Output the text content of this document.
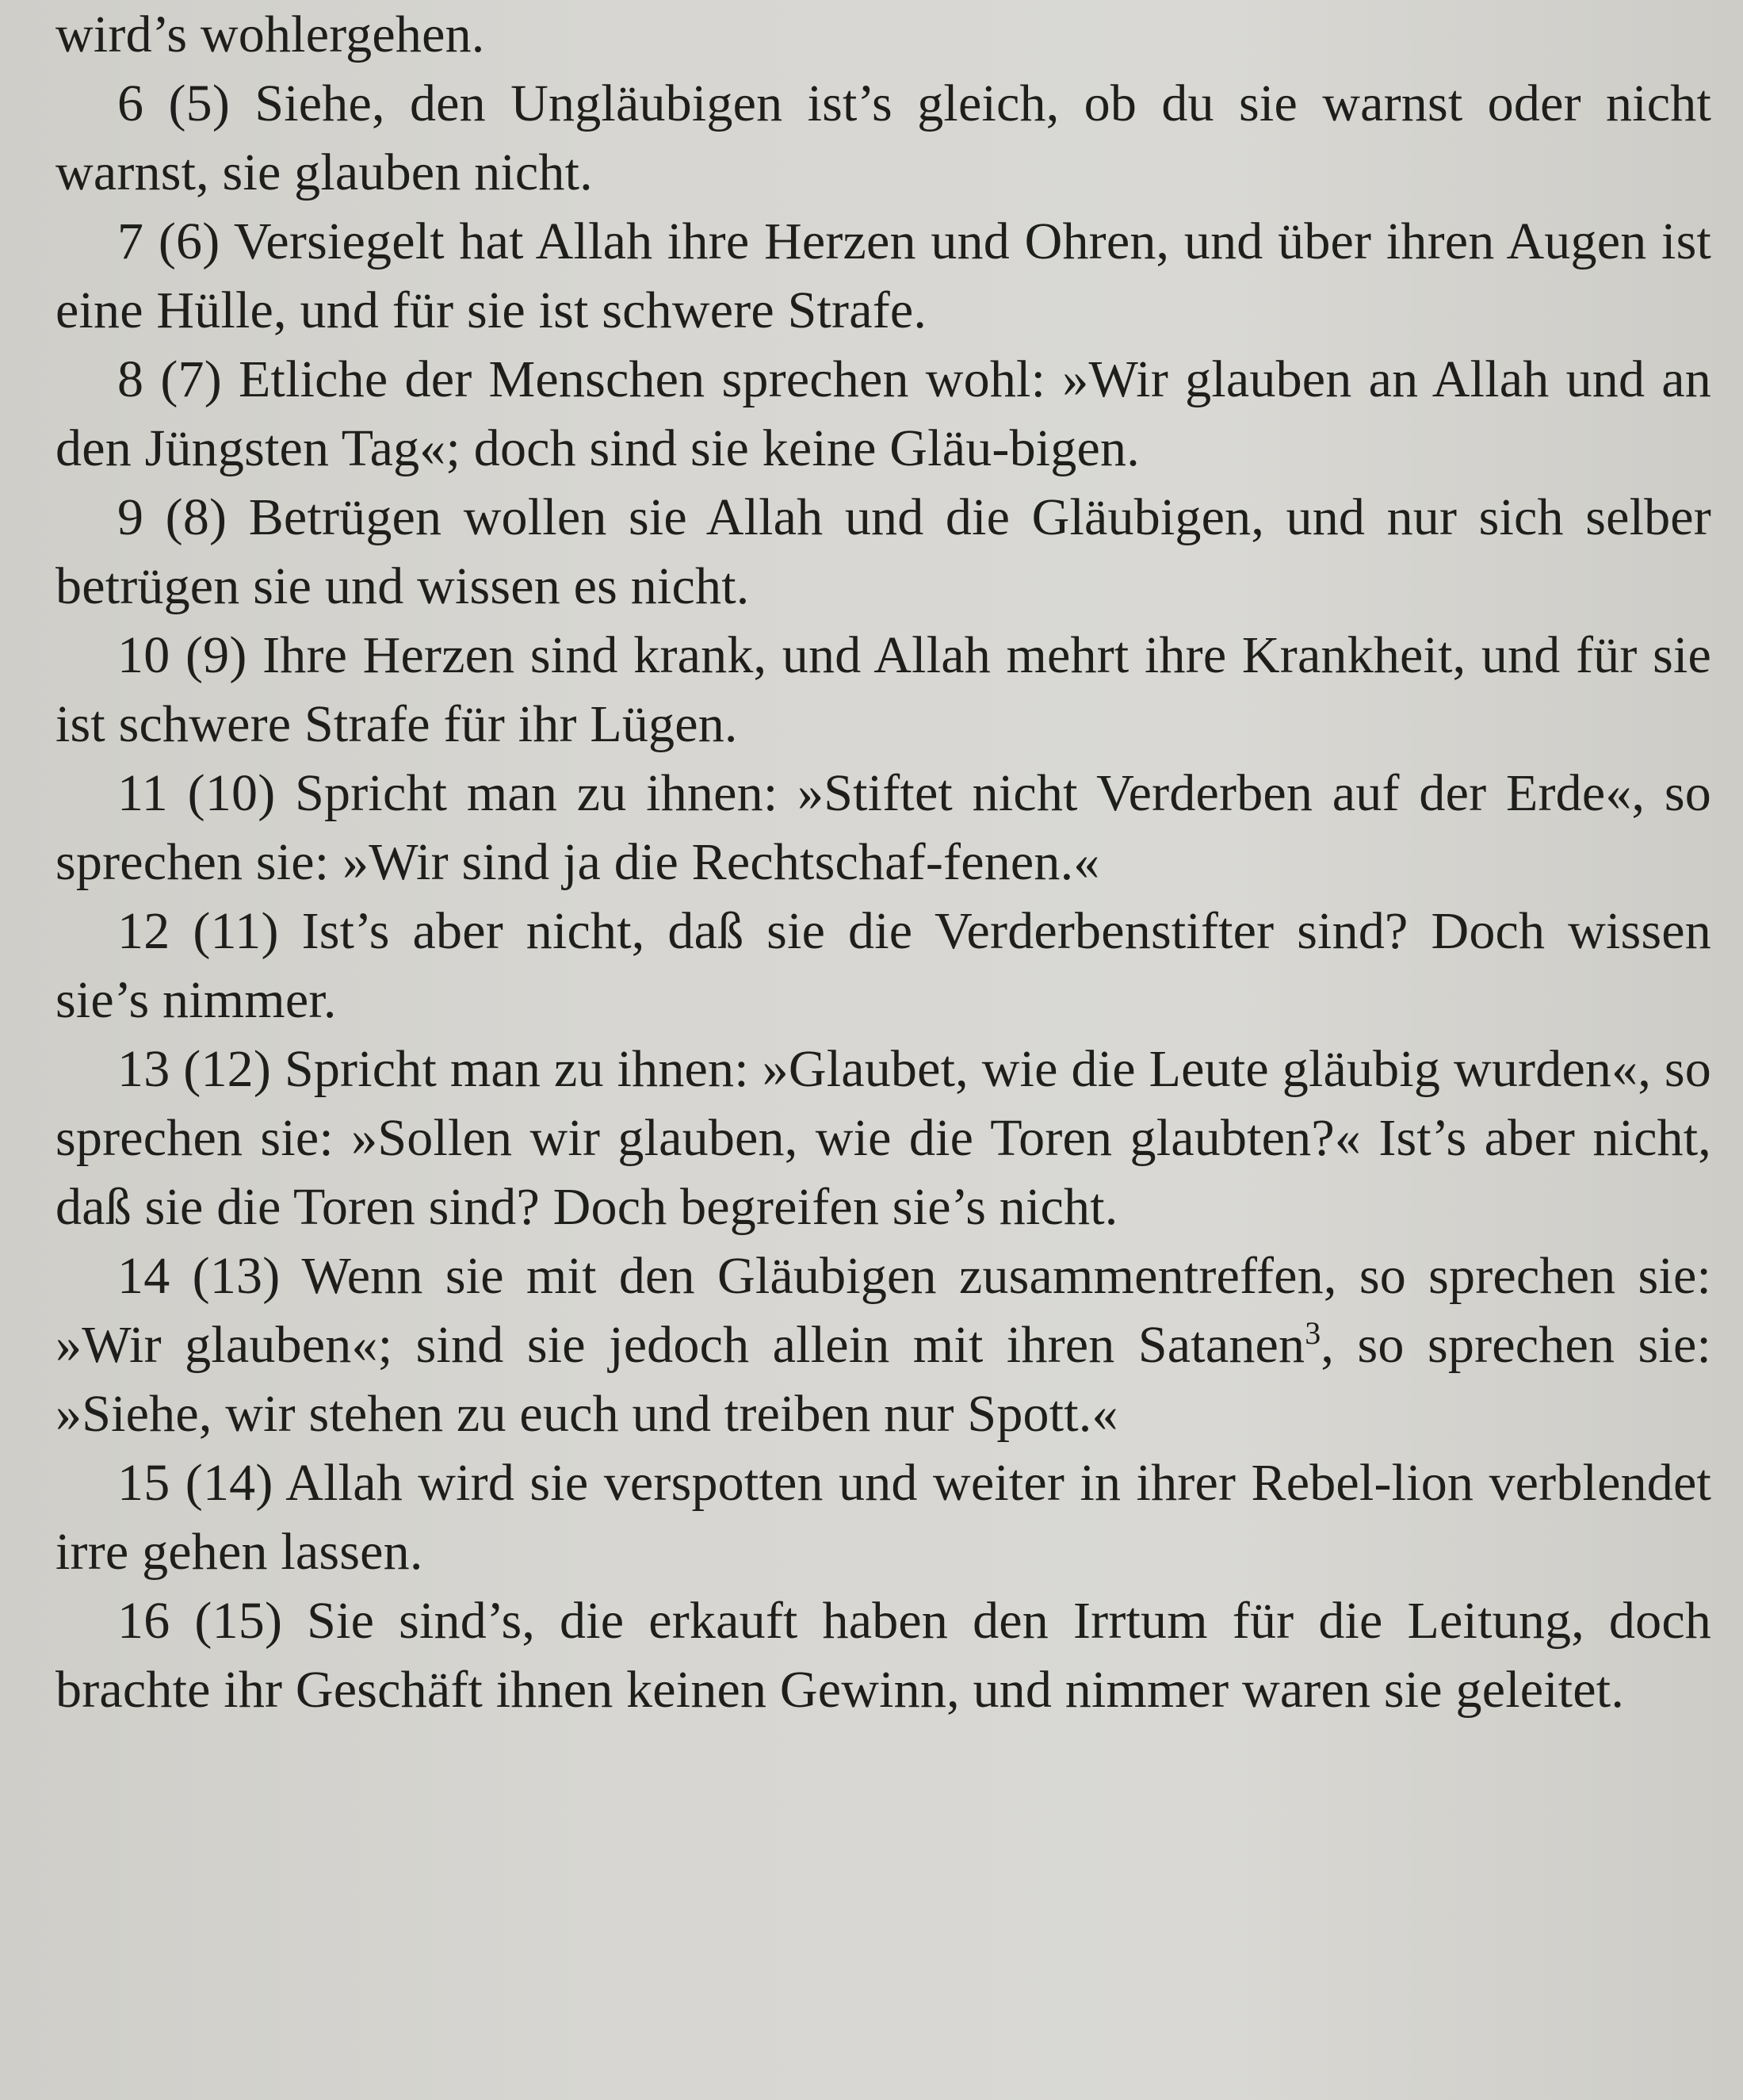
wird’s wohlergehen.

6 (5) Siehe, den Ungläubigen ist’s gleich, ob du sie warnst oder nicht warnst, sie glauben nicht.

7 (6) Versiegelt hat Allah ihre Herzen und Ohren, und über ihren Augen ist eine Hülle, und für sie ist schwere Strafe.

8 (7) Etliche der Menschen sprechen wohl: »Wir glauben an Allah und an den Jüngsten Tag«; doch sind sie keine Gläu-bigen.

9 (8) Betrügen wollen sie Allah und die Gläubigen, und nur sich selber betrügen sie und wissen es nicht.

10 (9) Ihre Herzen sind krank, und Allah mehrt ihre Krankheit, und für sie ist schwere Strafe für ihr Lügen.

11 (10) Spricht man zu ihnen: »Stiftet nicht Verderben auf der Erde«, so sprechen sie: »Wir sind ja die Rechtschaf-fenen.«

12 (11) Ist’s aber nicht, daß sie die Verderbenstifter sind? Doch wissen sie’s nimmer.

13 (12) Spricht man zu ihnen: »Glaubet, wie die Leute gläubig wurden«, so sprechen sie: »Sollen wir glauben, wie die Toren glaubten?« Ist’s aber nicht, daß sie die Toren sind? Doch begreifen sie’s nicht.

14 (13) Wenn sie mit den Gläubigen zusammentreffen, so sprechen sie: »Wir glauben«; sind sie jedoch allein mit ihren Satanen$^3$, so sprechen sie: »Siehe, wir stehen zu euch und treiben nur Spott.«

15 (14) Allah wird sie verspotten und weiter in ihrer Rebel-lion verblendet irre gehen lassen.

16 (15) Sie sind’s, die erkauft haben den Irrtum für die Leitung, doch brachte ihr Geschäft ihnen keinen Gewinn, und nimmer waren sie geleitet.
